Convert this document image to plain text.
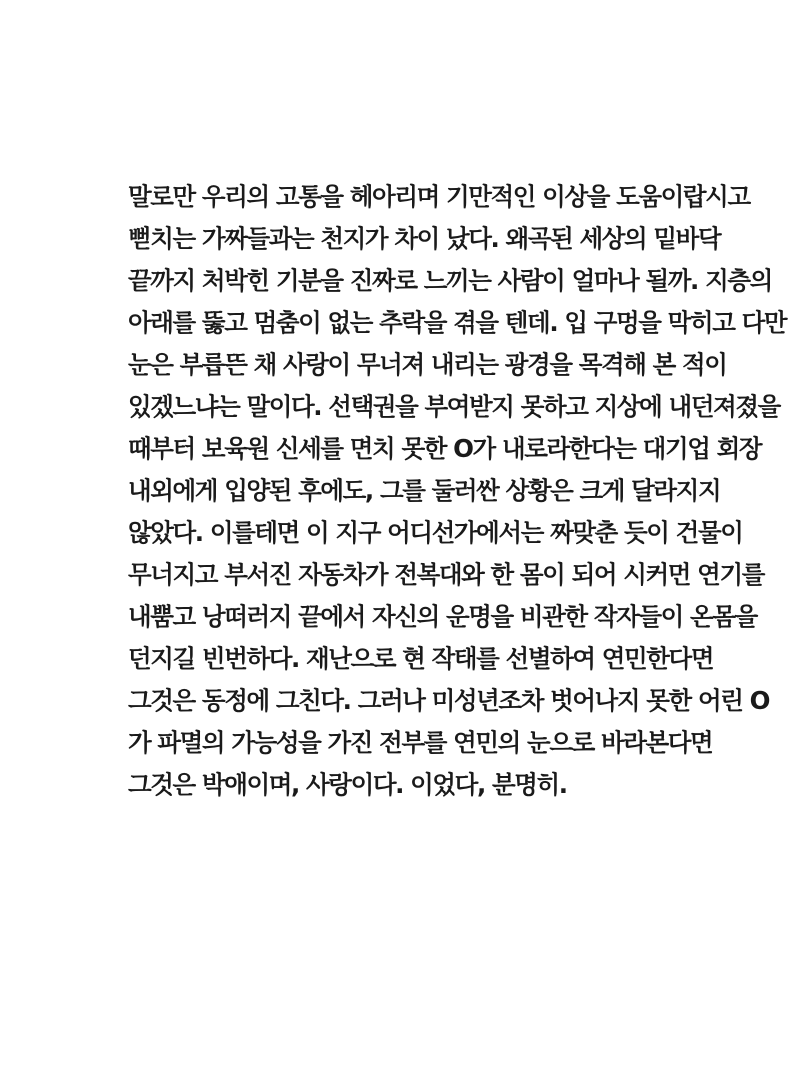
말로만 우리의 고통을 헤아리며 기만적인 이상을 도움이랍시고
뻗치는 가짜들과는 천지가 차이 났다. 왜곡된 세상의 밑바닥
끝까지 처박힌 기분을 진짜로 느끼는 사람이 얼마나 될까. 지층의
아래를 뚫고 멈춤이 없는 추락을 겪을 텐데. 입 구멍을 막히고 다만
눈은 부릅뜬 채 사랑이 무너져 내리는 광경을 목격해 본 적이
있겠느냐는 말이다. 선택권을 부여받지 못하고 지상에 내던져졌을
때부터 보육원 신세를 면치 못한 O가 내로라한다는 대기업 회장
내외에게 입양된 후에도, 그를 둘러싼 상황은 크게 달라지지
않았다. 이를테면 이 지구 어디선가에서는 짜맞춘 듯이 건물이
무너지고 부서진 자동차가 전복대와 한 몸이 되어 시커먼 연기를
내뿜고 낭떠러지 끝에서 자신의 운명을 비관한 작자들이 온몸을
던지길 빈번하다. 재난으로 현 작태를 선별하여 연민한다면
그것은 동정에 그친다. 그러나 미성년조차 벗어나지 못한 어린 O
가 파멸의 가능성을 가진 전부를 연민의 눈으로 바라본다면
그것은 박애이며, 사랑이다. 이었다, 분명히.
